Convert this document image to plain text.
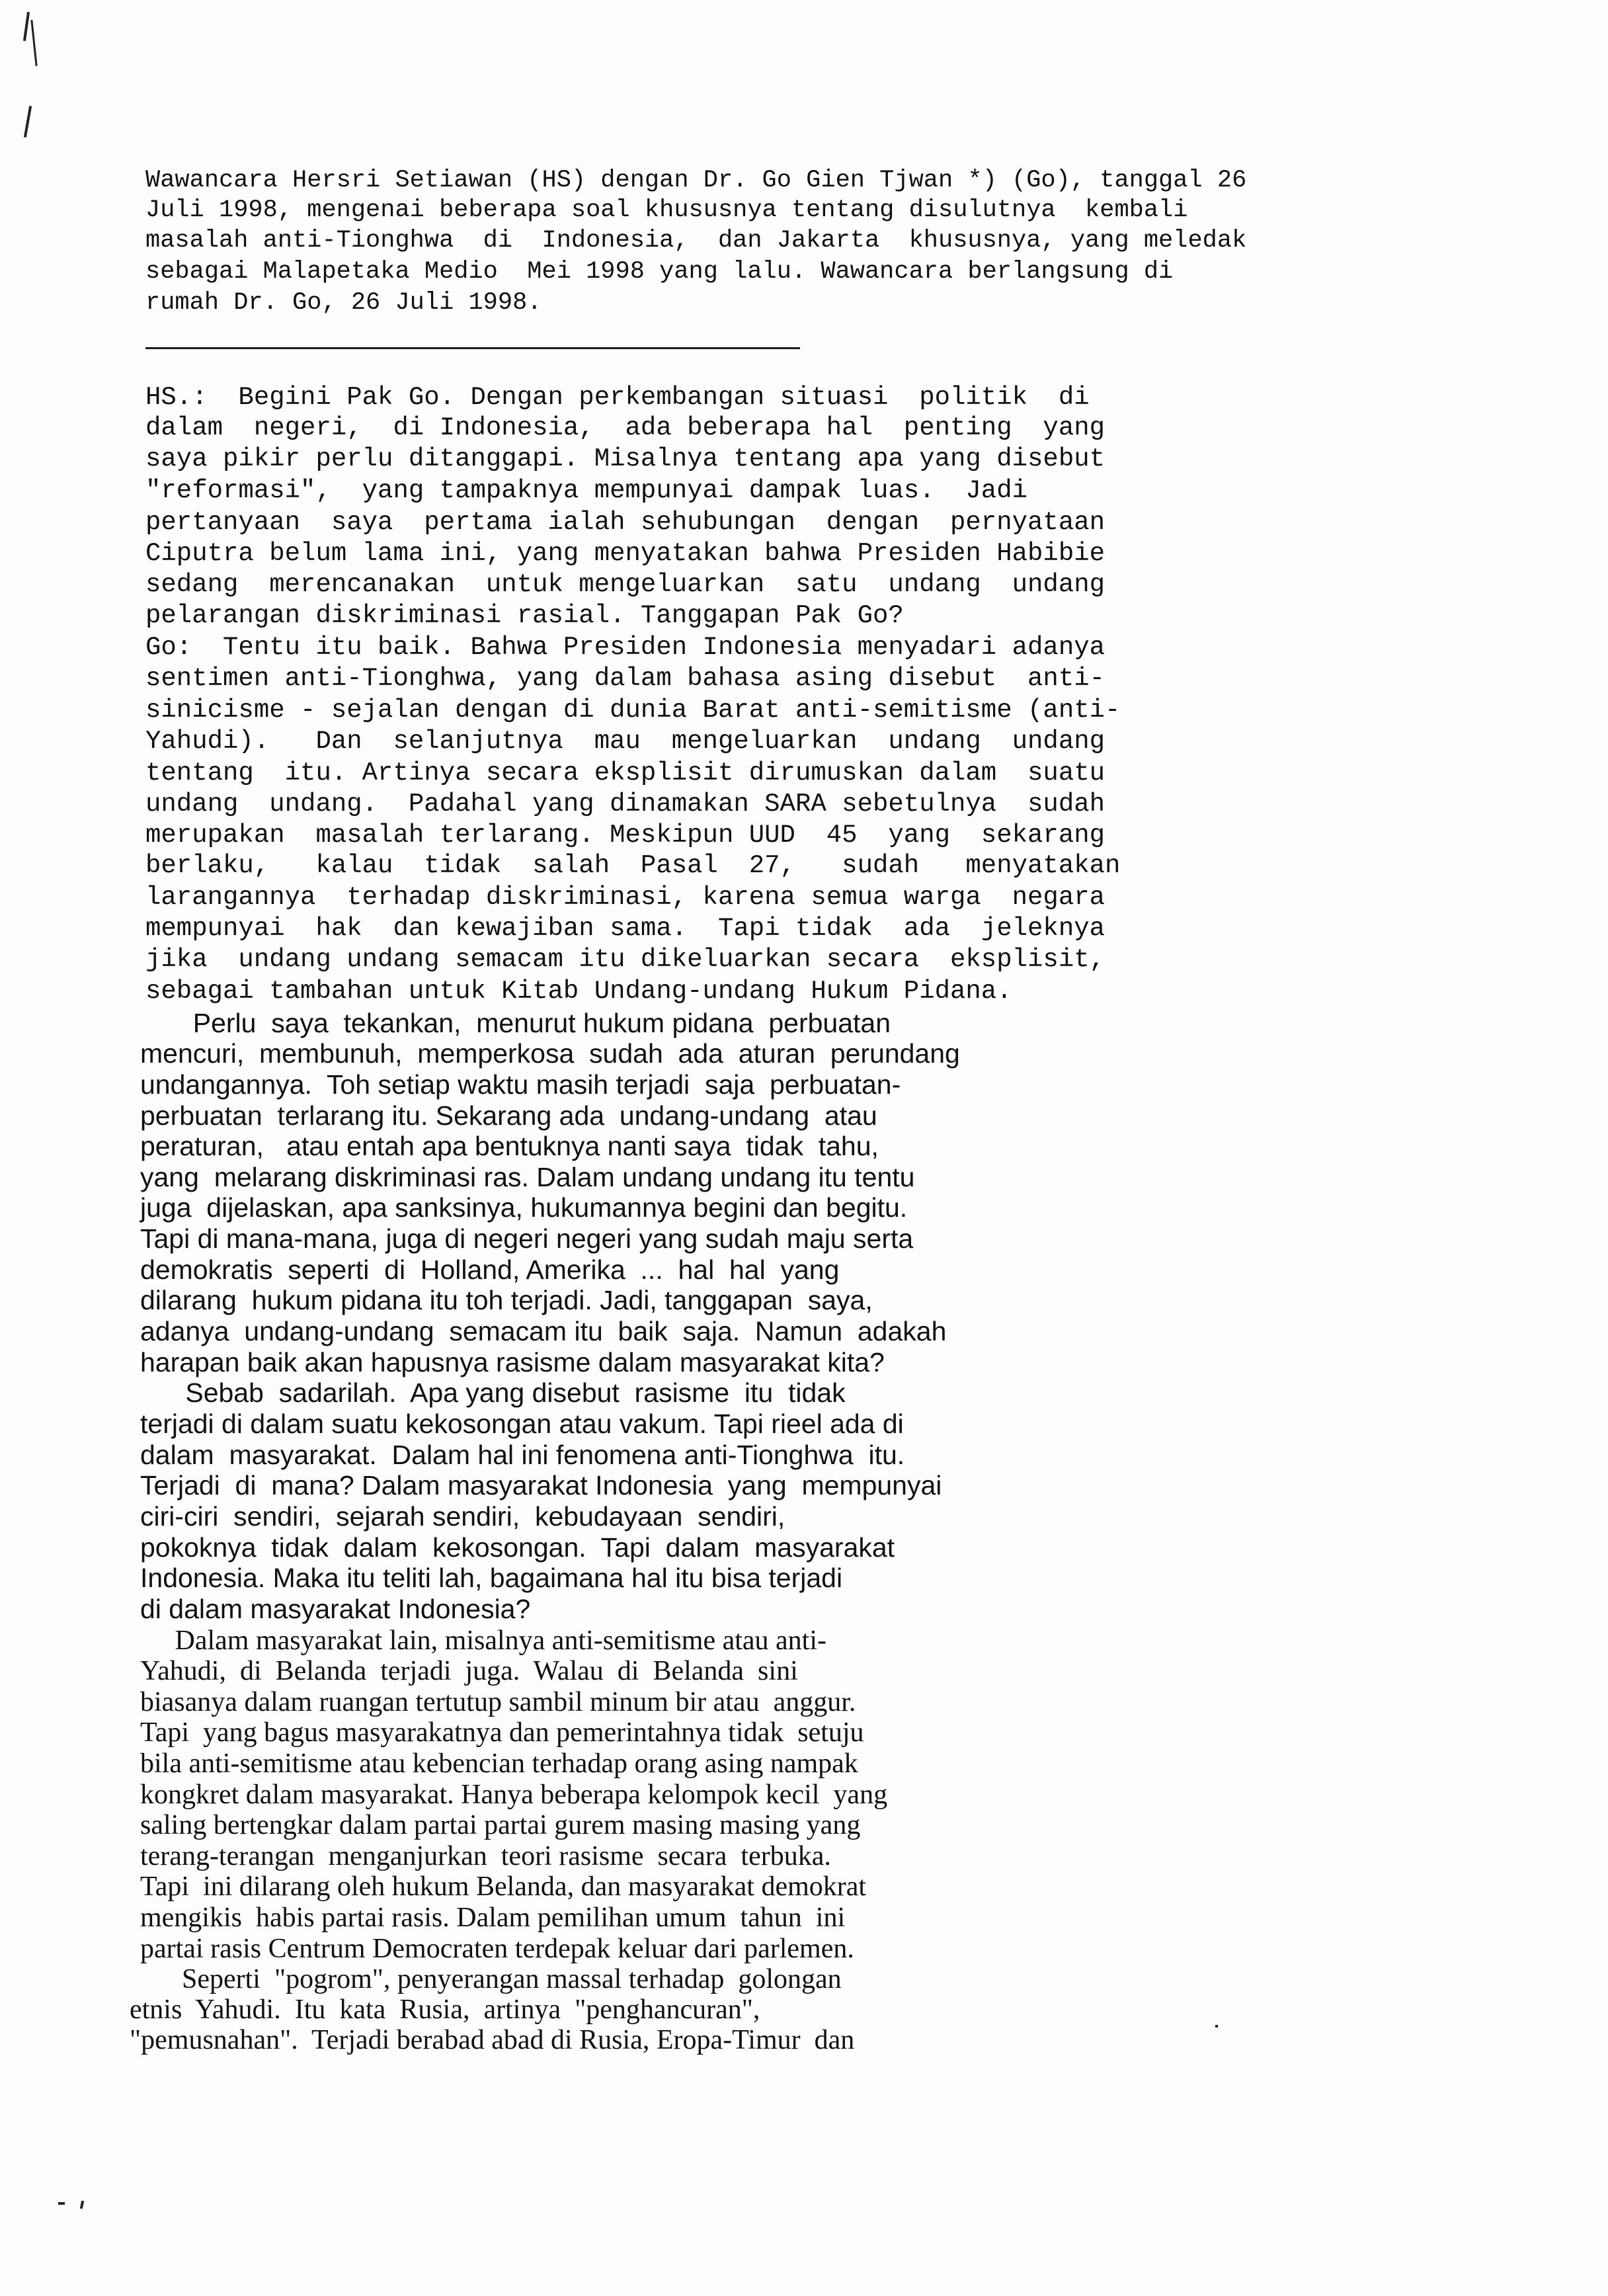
Wawancara Hersri Setiawan (HS) dengan Dr. Go Gien Tjwan *) (Go), tanggal 26

Juli 1998, mengenai beberapa soal khususnya tentang disulutnya  kembali

masalah anti-Tionghwa  di  Indonesia,  dan Jakarta  khususnya, yang meledak

sebagai Malapetaka Medio  Mei 1998 yang lalu. Wawancara berlangsung di

rumah Dr. Go, 26 Juli 1998.

HS.:  Begini Pak Go. Dengan perkembangan situasi  politik  di

dalam  negeri,  di Indonesia,  ada beberapa hal  penting  yang

saya pikir perlu ditanggapi. Misalnya tentang apa yang disebut

"reformasi",  yang tampaknya mempunyai dampak luas.  Jadi

pertanyaan  saya  pertama ialah sehubungan  dengan  pernyataan

Ciputra belum lama ini, yang menyatakan bahwa Presiden Habibie

sedang  merencanakan  untuk mengeluarkan  satu  undang  undang

pelarangan diskriminasi rasial. Tanggapan Pak Go?

Go:  Tentu itu baik. Bahwa Presiden Indonesia menyadari adanya

sentimen anti-Tionghwa, yang dalam bahasa asing disebut  anti-

sinicisme - sejalan dengan di dunia Barat anti-semitisme (anti-

Yahudi).   Dan  selanjutnya  mau  mengeluarkan  undang  undang

tentang  itu. Artinya secara eksplisit dirumuskan dalam  suatu

undang  undang.  Padahal yang dinamakan SARA sebetulnya  sudah

merupakan  masalah terlarang. Meskipun UUD  45  yang  sekarang

berlaku,   kalau  tidak  salah  Pasal  27,   sudah   menyatakan

larangannya  terhadap diskriminasi, karena semua warga  negara

mempunyai  hak  dan kewajiban sama.  Tapi tidak  ada  jeleknya

jika  undang undang semacam itu dikeluarkan secara  eksplisit,

sebagai tambahan untuk Kitab Undang-undang Hukum Pidana.

Perlu  saya  tekankan,  menurut hukum pidana  perbuatan

mencuri,  membunuh,  memperkosa  sudah  ada  aturan  perundang

undangannya.  Toh setiap waktu masih terjadi  saja  perbuatan-

perbuatan  terlarang itu. Sekarang ada  undang-undang  atau

peraturan,   atau entah apa bentuknya nanti saya  tidak  tahu,

yang  melarang diskriminasi ras. Dalam undang undang itu tentu

juga  dijelaskan, apa sanksinya, hukumannya begini dan begitu.

Tapi di mana-mana, juga di negeri negeri yang sudah maju serta

demokratis  seperti  di  Holland, Amerika  ...  hal  hal  yang

dilarang  hukum pidana itu toh terjadi. Jadi, tanggapan  saya,

adanya  undang-undang  semacam itu  baik  saja.  Namun  adakah

harapan baik akan hapusnya rasisme dalam masyarakat kita?

Sebab  sadarilah.  Apa yang disebut  rasisme  itu  tidak

terjadi di dalam suatu kekosongan atau vakum. Tapi rieel ada di

dalam  masyarakat.  Dalam hal ini fenomena anti-Tionghwa  itu.

Terjadi  di  mana? Dalam masyarakat Indonesia  yang  mempunyai

ciri-ciri  sendiri,  sejarah sendiri,  kebudayaan  sendiri,

pokoknya  tidak  dalam  kekosongan.  Tapi  dalam  masyarakat

Indonesia. Maka itu teliti lah, bagaimana hal itu bisa terjadi

di dalam masyarakat Indonesia?

Dalam masyarakat lain, misalnya anti-semitisme atau anti-

Yahudi,  di  Belanda  terjadi  juga.  Walau  di  Belanda  sini

biasanya dalam ruangan tertutup sambil minum bir atau  anggur.

Tapi  yang bagus masyarakatnya dan pemerintahnya tidak  setuju

bila anti-semitisme atau kebencian terhadap orang asing nampak

kongkret dalam masyarakat. Hanya beberapa kelompok kecil  yang

saling bertengkar dalam partai partai gurem masing masing yang

terang-terangan  menganjurkan  teori rasisme  secara  terbuka.

Tapi  ini dilarang oleh hukum Belanda, dan masyarakat demokrat

mengikis  habis partai rasis. Dalam pemilihan umum  tahun  ini

partai rasis Centrum Democraten terdepak keluar dari parlemen.

Seperti  "pogrom", penyerangan massal terhadap  golongan

etnis  Yahudi.  Itu  kata  Rusia,  artinya  "penghancuran",

"pemusnahan".  Terjadi berabad abad di Rusia, Eropa-Timur  dan
